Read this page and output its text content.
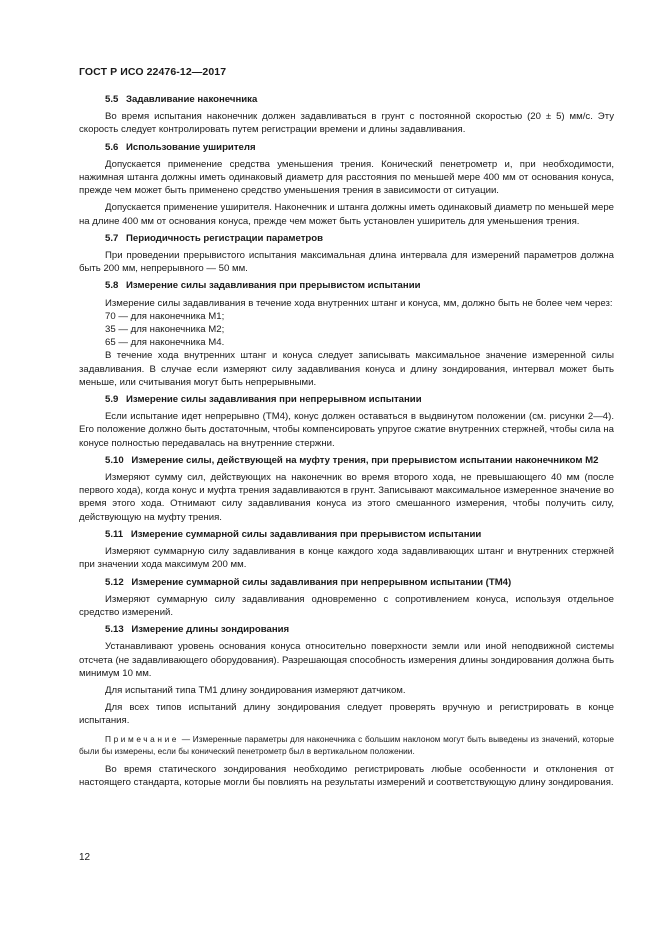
ГОСТ Р ИСО 22476-12—2017
5.5 Задавливание наконечника
Во время испытания наконечник должен задавливаться в грунт с постоянной скоростью (20 ± 5) мм/с. Эту скорость следует контролировать путем регистрации времени и длины задавливания.
5.6 Использование уширителя
Допускается применение средства уменьшения трения. Конический пенетрометр и, при необходимости, нажимная штанга должны иметь одинаковый диаметр для расстояния по меньшей мере 400 мм от основания конуса, прежде чем может быть применено средство уменьшения трения в зависимости от ситуации.
Допускается применение уширителя. Наконечник и штанга должны иметь одинаковый диаметр по меньшей мере на длине 400 мм от основания конуса, прежде чем может быть установлен уширитель для уменьшения трения.
5.7 Периодичность регистрации параметров
При проведении прерывистого испытания максимальная длина интервала для измерений параметров должна быть 200 мм, непрерывного — 50 мм.
5.8 Измерение силы задавливания при прерывистом испытании
Измерение силы задавливания в течение хода внутренних штанг и конуса, мм, должно быть не более чем через:
70 — для наконечника М1;
35 — для наконечника М2;
65 — для наконечника М4.
В течение хода внутренних штанг и конуса следует записывать максимальное значение измеренной силы задавливания. В случае если измеряют силу задавливания конуса и длину зондирования, интервал может быть меньше, или считывания могут быть непрерывными.
5.9 Измерение силы задавливания при непрерывном испытании
Если испытание идет непрерывно (ТМ4), конус должен оставаться в выдвинутом положении (см. рисунки 2—4). Его положение должно быть достаточным, чтобы компенсировать упругое сжатие внутренних стержней, чтобы сила на конусе полностью передавалась на внутренние стержни.
5.10 Измерение силы, действующей на муфту трения, при прерывистом испытании наконечником М2
Измеряют сумму сил, действующих на наконечник во время второго хода, не превышающего 40 мм (после первого хода), когда конус и муфта трения задавливаются в грунт. Записывают максимальное измеренное значение во время этого хода. Отнимают силу задавливания конуса из этого смешанного измерения, чтобы получить силу, действующую на муфту трения.
5.11 Измерение суммарной силы задавливания при прерывистом испытании
Измеряют суммарную силу задавливания в конце каждого хода задавливающих штанг и внутренних стержней при значении хода максимум 200 мм.
5.12 Измерение суммарной силы задавливания при непрерывном испытании (ТМ4)
Измеряют суммарную силу задавливания одновременно с сопротивлением конуса, используя отдельное средство измерений.
5.13 Измерение длины зондирования
Устанавливают уровень основания конуса относительно поверхности земли или иной неподвижной системы отсчета (не задавливающего оборудования). Разрешающая способность измерения длины зондирования должна быть минимум 10 мм.
Для испытаний типа ТМ1 длину зондирования измеряют датчиком.
Для всех типов испытаний длину зондирования следует проверять вручную и регистрировать в конце испытания.
Примечание — Измеренные параметры для наконечника с большим наклоном могут быть выведены из значений, которые были бы измерены, если бы конический пенетрометр был в вертикальном положении.
Во время статического зондирования необходимо регистрировать любые особенности и отклонения от настоящего стандарта, которые могли бы повлиять на результаты измерений и соответствующую длину зондирования.
12
